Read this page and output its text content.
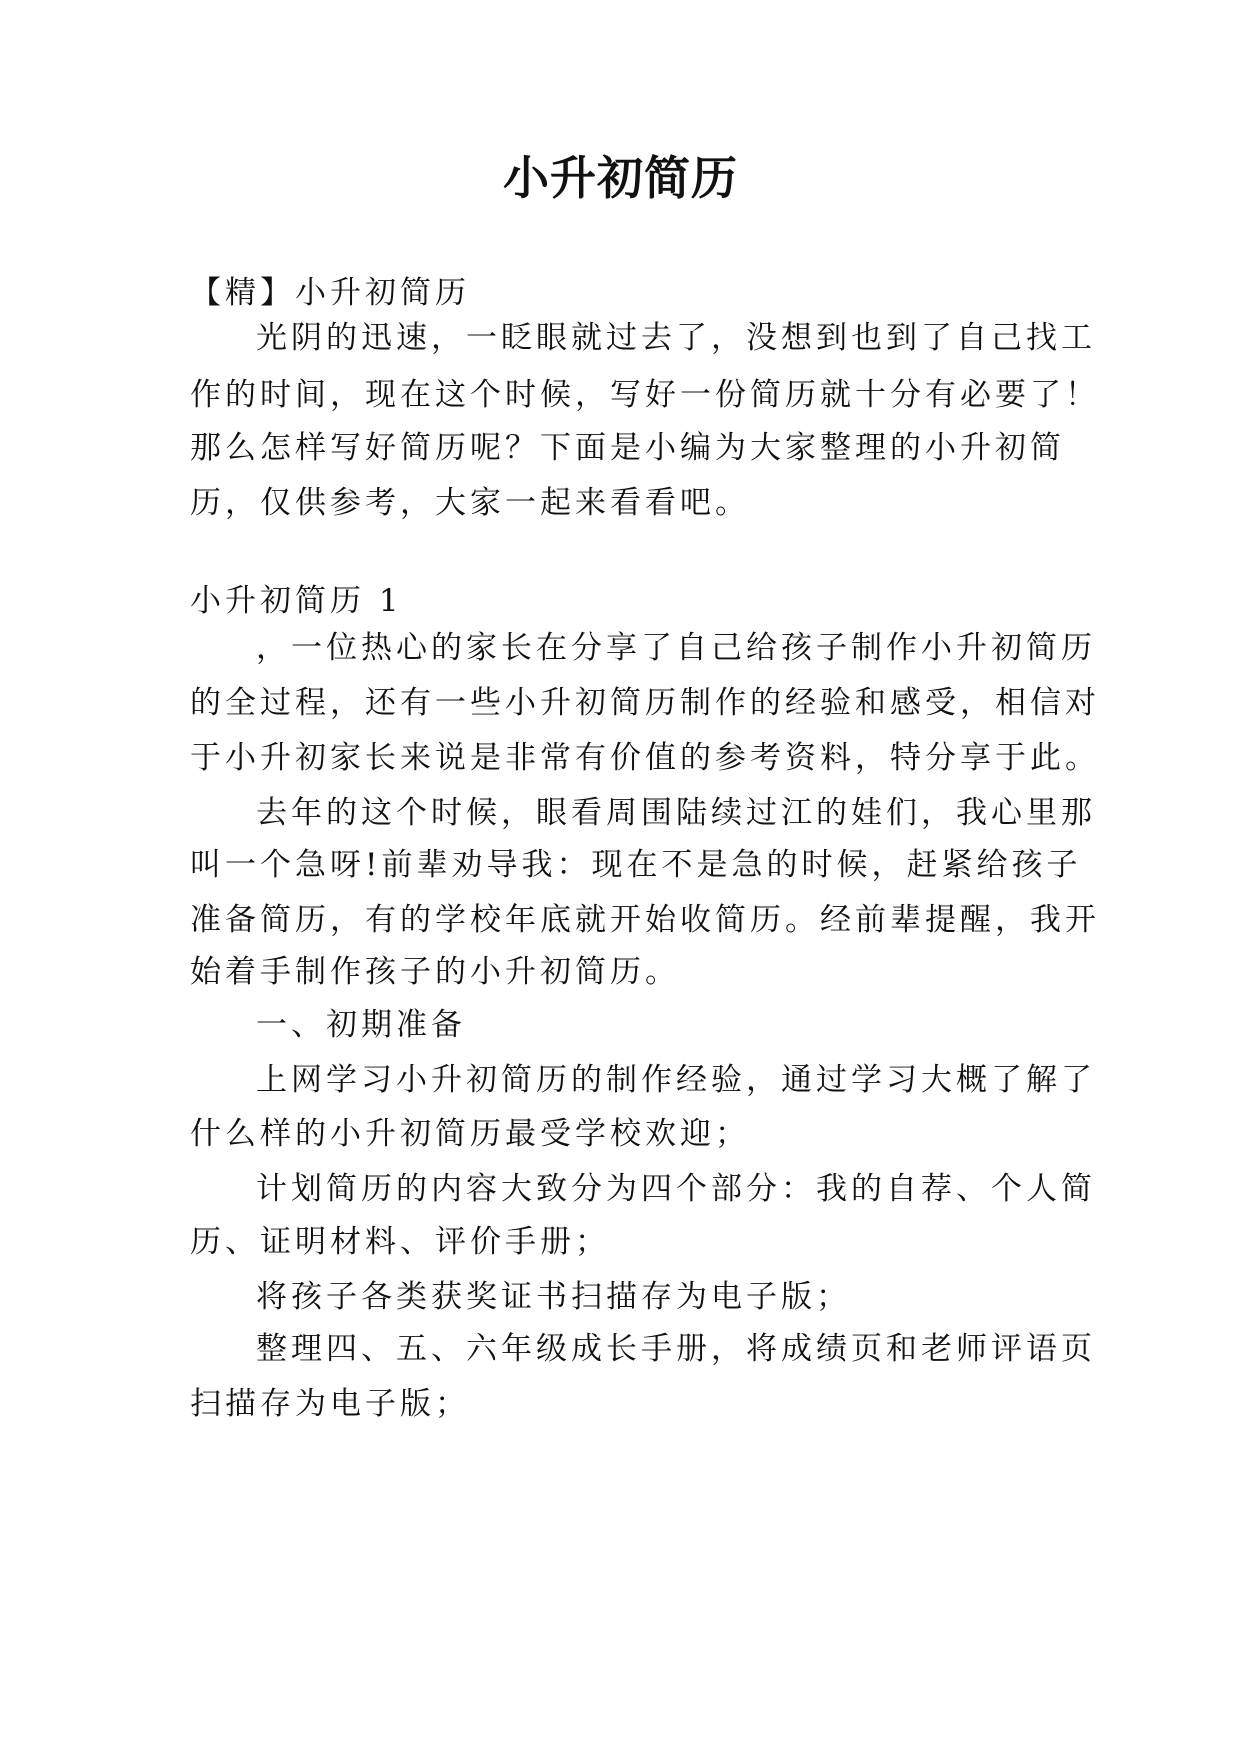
小升初简历
【精】小升初简历
光阴的迅速，一眨眼就过去了，没想到也到了自己找工
作的时间，现在这个时候，写好一份简历就十分有必要了！
那么怎样写好简历呢？下面是小编为大家整理的小升初简
历，仅供参考，大家一起来看看吧。
小升初简历 1
，一位热心的家长在分享了自己给孩子制作小升初简历
的全过程，还有一些小升初简历制作的经验和感受，相信对
于小升初家长来说是非常有价值的参考资料，特分享于此。
去年的这个时候，眼看周围陆续过江的娃们，我心里那
叫一个急呀!前辈劝导我：现在不是急的时候，赶紧给孩子
准备简历，有的学校年底就开始收简历。经前辈提醒，我开
始着手制作孩子的小升初简历。
一、初期准备
上网学习小升初简历的制作经验，通过学习大概了解了
什么样的小升初简历最受学校欢迎；
计划简历的内容大致分为四个部分：我的自荐、个人简
历、证明材料、评价手册；
将孩子各类获奖证书扫描存为电子版；
整理四、五、六年级成长手册，将成绩页和老师评语页
扫描存为电子版；
